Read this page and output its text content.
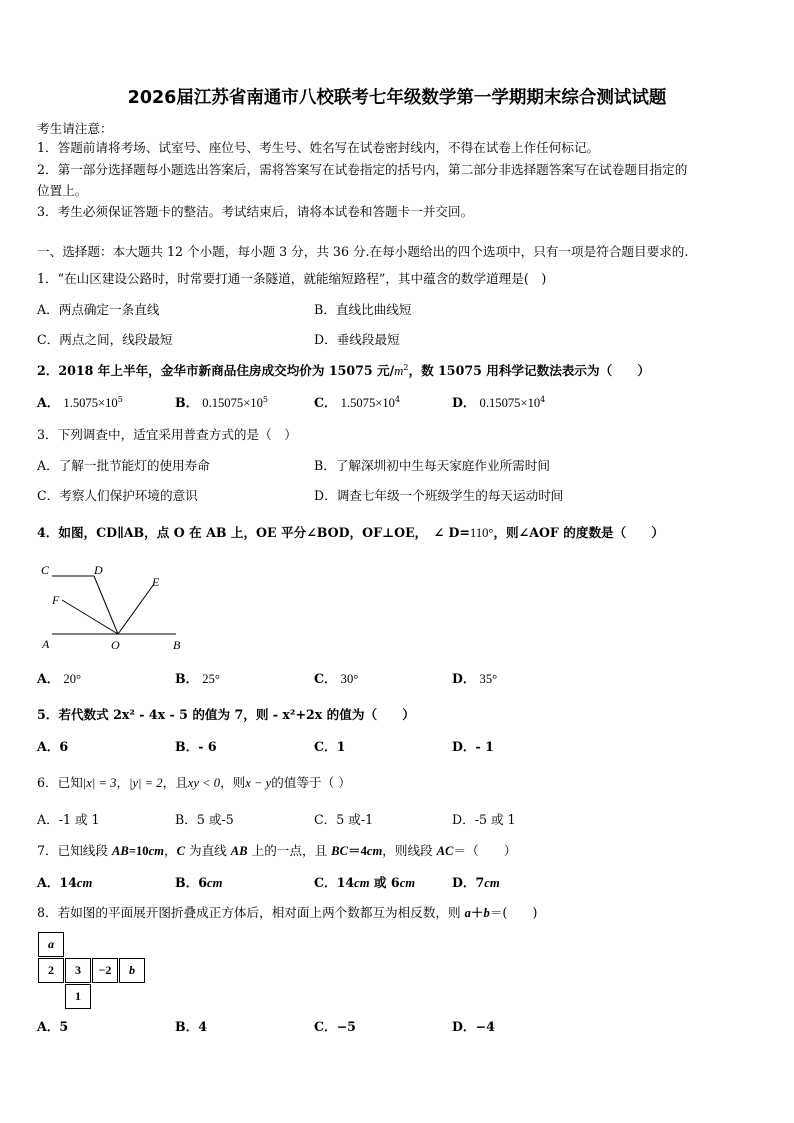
2026届江苏省南通市八校联考七年级数学第一学期期末综合测试试题
考生请注意：
1．答题前请将考场、试室号、座位号、考生号、姓名写在试卷密封线内，不得在试卷上作任何标记。
2．第一部分选择题每小题选出答案后，需将答案写在试卷指定的括号内，第二部分非选择题答案写在试卷题目指定的
位置上。
3．考生必须保证答题卡的整洁。考试结束后，请将本试卷和答题卡一并交回。
一、选择题：本大题共 12 个小题，每小题 3 分，共 36 分.在每小题给出的四个选项中，只有一项是符合题目要求的.
1．“在山区建设公路时，时常要打通一条隧道，就能缩短路程”，其中蕴含的数学道理是(　)
A．两点确定一条直线	B．直线比曲线短
C．两点之间，线段最短	D．垂线段最短
2．2018 年上半年，金华市新商品住房成交均价为 15075 元$/m^2$，数 15075 用科学记数法表示为（　　）
A． $1.5075\times 10^5$	B． $0.15075\times 10^5$	C． $1.5075\times 10^4$	D． $0.15075\times 10^4$
3．下列调查中，适宜采用普查方式的是（　）
A．了解一批节能灯的使用寿命	B．了解深圳初中生每天家庭作业所需时间
C．考察人们保护环境的意识	D．调查七年级一个班级学生的每天运动时间
4．如图，CD∥AB，点 O 在 AB 上，OE 平分∠BOD，OF⊥OE，　∠ D=110°，则∠AOF 的度数是（　　）
C	D
E
F
A	O	B
A． 20°	B． 25°	C． 30°	D． 35°
5．若代数式 2x² - 4x - 5 的值为 7，则 - x²+2x 的值为（　　）
A．6	B．- 6	C．1	D．- 1
6．已知|x| = 3，|y| = 2，且xy < 0，则x − y的值等于（ ）
A．-1 或 1	B．5 或-5	C．5 或-1	D．-5 或 1
7．已知线段 AB=10cm，C 为直线 AB 上的一点，且 BC＝4cm，则线段 AC＝（　　）
A．14cm	B．6cm	C．14cm 或 6cm	D．7cm
8．若如图的平面展开图折叠成正方体后，相对面上两个数都互为相反数，则 a＋b＝(　　)
a
2 3 −2 b
1
A．5	B．4	C．−5	D．−4
